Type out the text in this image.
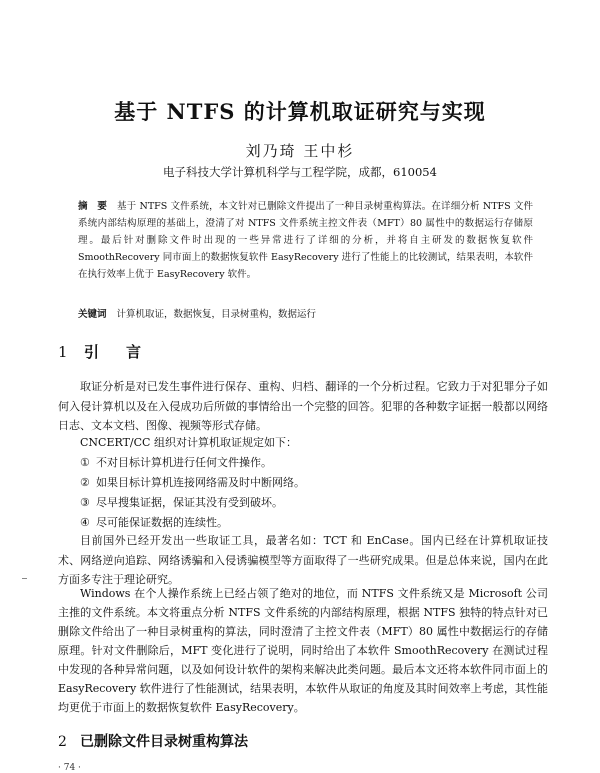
基于 NTFS 的计算机取证研究与实现

刘乃琦 王中杉

电子科技大学计算机科学与工程学院，成都，610054

摘　要 基于 NTFS 文件系统，本文针对已删除文件提出了一种目录树重构算法。在详细分析 NTFS 文件系统内部结构原理的基础上，澄清了对 NTFS 文件系统主控文件表（MFT）80 属性中的数据运行存储原理。最后针对删除文件时出现的一些异常进行了详细的分析，并将自主研发的数据恢复软件 SmoothRecovery 同市面上的数据恢复软件 EasyRecovery 进行了性能上的比较测试，结果表明，本软件在执行效率上优于 EasyRecovery 软件。

关键词 计算机取证，数据恢复，目录树重构，数据运行

1 引　言

取证分析是对已发生事件进行保存、重构、归档、翻译的一个分析过程。它致力于对犯罪分子如何入侵计算机以及在入侵成功后所做的事情给出一个完整的回答。犯罪的各种数字证据一般都以网络日志、文本文档、图像、视频等形式存储。

CNCERT/CC 组织对计算机取证规定如下：

① 不对目标计算机进行任何文件操作。
② 如果目标计算机连接网络需及时中断网络。
③ 尽早搜集证据，保证其没有受到破坏。
④ 尽可能保证数据的连续性。

目前国外已经开发出一些取证工具，最著名如：TCT 和 EnCase。国内已经在计算机取证技术、网络逆向追踪、网络诱骗和入侵诱骗模型等方面取得了一些研究成果。但是总体来说，国内在此方面多专注于理论研究。

Windows 在个人操作系统上已经占领了绝对的地位，而 NTFS 文件系统又是 Microsoft 公司主推的文件系统。本文将重点分析 NTFS 文件系统的内部结构原理，根据 NTFS 独特的特点针对已删除文件给出了一种目录树重构的算法，同时澄清了主控文件表（MFT）80 属性中数据运行的存储原理。针对文件删除后，MFT 变化进行了说明，同时给出了本软件 SmoothRecovery 在测试过程中发现的各种异常问题，以及如何设计软件的架构来解决此类问题。最后本文还将本软件同市面上的 EasyRecovery 软件进行了性能测试，结果表明，本软件从取证的角度及其时间效率上考虑，其性能均更优于市面上的数据恢复软件 EasyRecovery。

2 已删除文件目录树重构算法
· 74 ·
